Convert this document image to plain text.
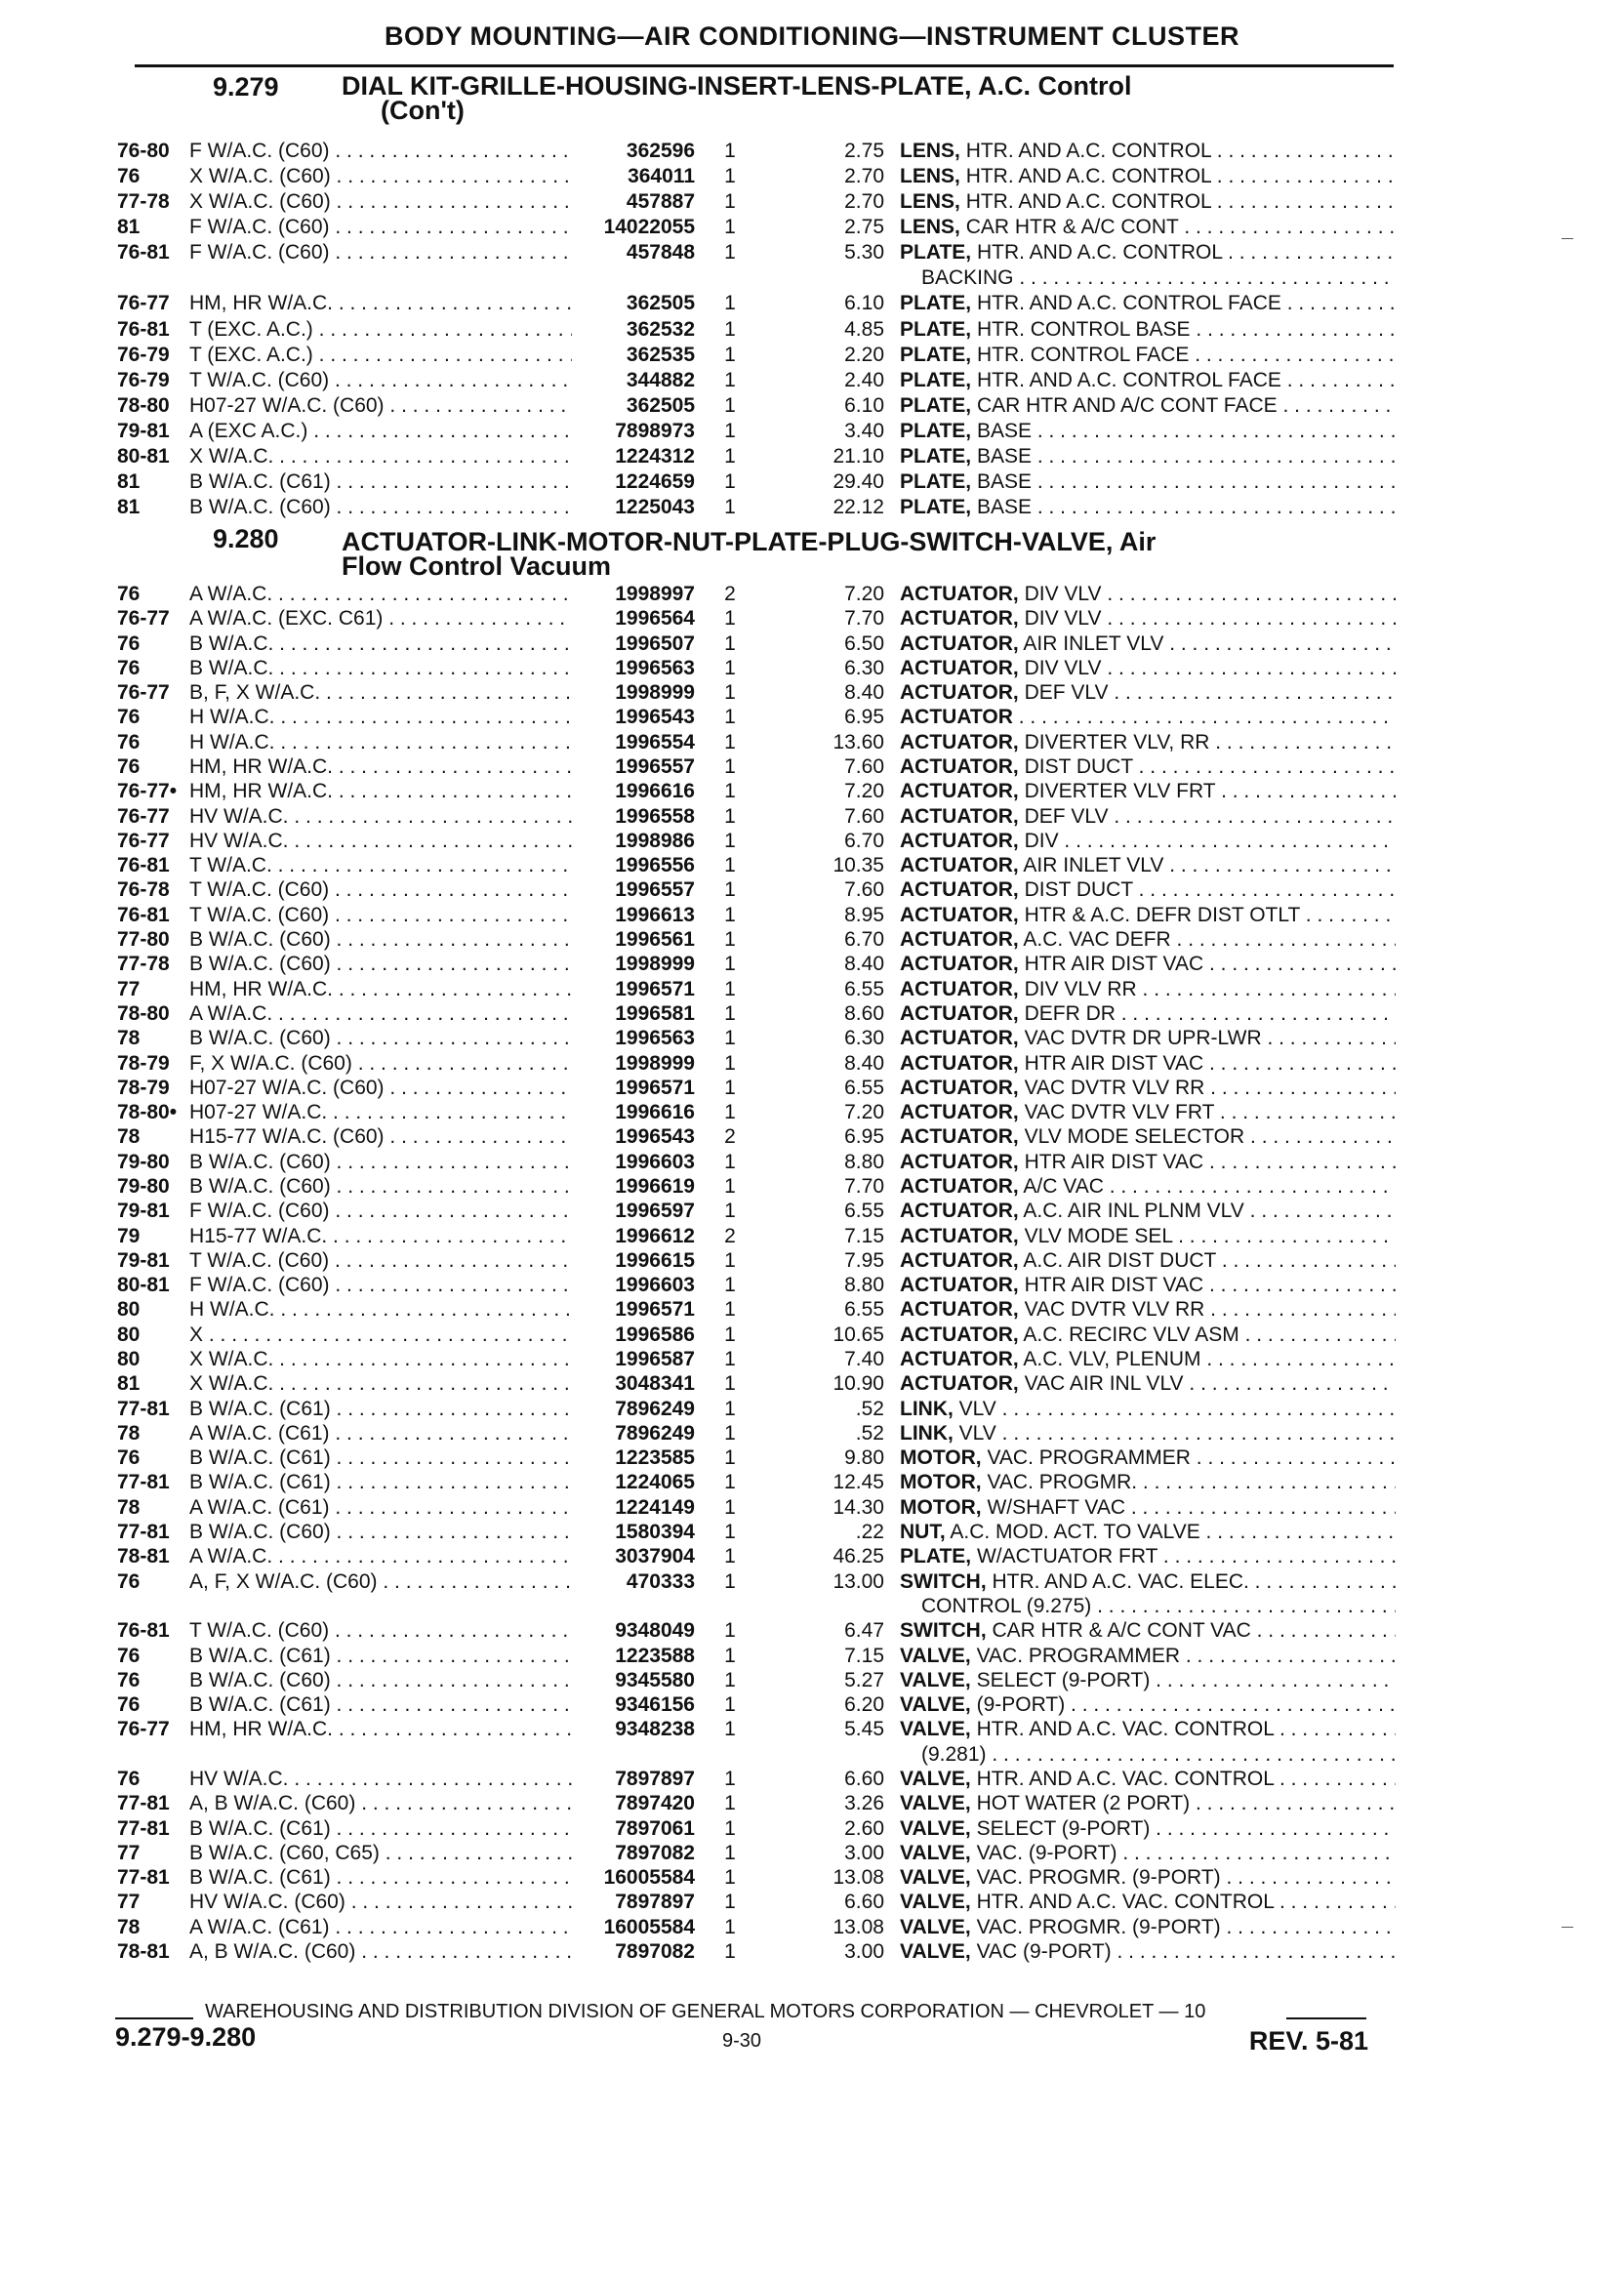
BODY MOUNTING—AIR CONDITIONING—INSTRUMENT CLUSTER
9.279 DIAL KIT-GRILLE-HOUSING-INSERT-LENS-PLATE, A.C. Control
(Con't)
9.280 ACTUATOR-LINK-MOTOR-NUT-PLATE-PLUG-SWITCH-VALVE, Air
Flow Control Vacuum
76-80 F W/A.C. (C60) . . .	362596 1	2.75 LENS, HTR. AND A.C. CONTROL . . .
76	X W/A.C. (C60) . . .	364011 1	2.70 LENS, HTR. AND A.C. CONTROL . . .
77-78 X W/A.C. (C60) . . .	457887 1	2.70 LENS, HTR. AND A.C. CONTROL . . .
81	F W/A.C. (C60) . . .	14022055 1	2.75 LENS, CAR HTR & A/C CONT . . .
76-81 F W/A.C. (C60) . . .	457848 1	5.30 PLATE, HTR. AND A.C. CONTROL . . .
BACKING . . .
76-77 HM, HR W/A.C. . . .	362505 1	6.10 PLATE, HTR. AND A.C. CONTROL FACE . . .
76-81 T (EXC. A.C.) . . .	362532 1	4.85 PLATE, HTR. CONTROL BASE . . .
76-79 T (EXC. A.C.) . . .	362535 1	2.20 PLATE, HTR. CONTROL FACE . . .
76-79 T W/A.C. (C60) . . .	344882 1	2.40 PLATE, HTR. AND A.C. CONTROL FACE . . .
78-80 H07-27 W/A.C. (C60) . . .	362505 1	6.10 PLATE, CAR HTR AND A/C CONT FACE . . .
79-81 A (EXC A.C.) . . .	7898973 1	3.40 PLATE, BASE . . .
80-81 X W/A.C. . . .	1224312 1	21.10 PLATE, BASE . . .
81	B W/A.C. (C61) . . .	1224659 1	29.40 PLATE, BASE . . .
81	B W/A.C. (C60) . . .	1225043 1	22.12 PLATE, BASE . . .
76	A W/A.C. . . .	1998997 2	7.20 ACTUATOR, DIV VLV . . .
76-77 A W/A.C. (EXC. C61) . . .	1996564 1	7.70 ACTUATOR, DIV VLV . . .
76	B W/A.C. . . .	1996507 1	6.50 ACTUATOR, AIR INLET VLV . . .
76	B W/A.C. . . .	1996563 1	6.30 ACTUATOR, DIV VLV . . .
76-77 B, F, X W/A.C. . . .	1998999 1	8.40 ACTUATOR, DEF VLV . . .
76	H W/A.C. . . .	1996543 1	6.95 ACTUATOR . . .
76	H W/A.C. . . .	1996554 1	13.60 ACTUATOR, DIVERTER VLV, RR . . .
76	HM, HR W/A.C. . . .	1996557 1	7.60 ACTUATOR, DIST DUCT . . .
76-77• HM, HR W/A.C. . . .	1996616 1	7.20 ACTUATOR, DIVERTER VLV FRT . . .
76-77 HV W/A.C. . . .	1996558 1	7.60 ACTUATOR, DEF VLV . . .
76-77 HV W/A.C. . . .	1998986 1	6.70 ACTUATOR, DIV . . .
76-81 T W/A.C. . . .	1996556 1	10.35 ACTUATOR, AIR INLET VLV . . .
76-78 T W/A.C. (C60) . . .	1996557 1	7.60 ACTUATOR, DIST DUCT . . .
76-81 T W/A.C. (C60) . . .	1996613 1	8.95 ACTUATOR, HTR & A.C. DEFR DIST OTLT . . .
77-80 B W/A.C. (C60) . . .	1996561 1	6.70 ACTUATOR, A.C. VAC DEFR . . .
77-78 B W/A.C. (C60) . . .	1998999 1	8.40 ACTUATOR, HTR AIR DIST VAC . . .
77	HM, HR W/A.C. . . .	1996571 1	6.55 ACTUATOR, DIV VLV RR . . .
78-80 A W/A.C. . . .	1996581 1	8.60 ACTUATOR, DEFR DR . . .
78	B W/A.C. (C60) . . .	1996563 1	6.30 ACTUATOR, VAC DVTR DR UPR-LWR . . .
78-79 F, X W/A.C. (C60) . . .	1998999 1	8.40 ACTUATOR, HTR AIR DIST VAC . . .
78-79 H07-27 W/A.C. (C60) . . .	1996571 1	6.55 ACTUATOR, VAC DVTR VLV RR . . .
78-80• H07-27 W/A.C. . . .	1996616 1	7.20 ACTUATOR, VAC DVTR VLV FRT . . .
78	H15-77 W/A.C. (C60) . . .	1996543 2	6.95 ACTUATOR, VLV MODE SELECTOR . . .
79-80 B W/A.C. (C60) . . .	1996603 1	8.80 ACTUATOR, HTR AIR DIST VAC . . .
79-80 B W/A.C. (C60) . . .	1996619 1	7.70 ACTUATOR, A/C VAC . . .
79-81 F W/A.C. (C60) . . .	1996597 1	6.55 ACTUATOR, A.C. AIR INL PLNM VLV . . .
79	H15-77 W/A.C. . . .	1996612 2	7.15 ACTUATOR, VLV MODE SEL . . .
79-81 T W/A.C. (C60) . . .	1996615 1	7.95 ACTUATOR, A.C. AIR DIST DUCT . . .
80-81 F W/A.C. (C60) . . .	1996603 1	8.80 ACTUATOR, HTR AIR DIST VAC . . .
80	H W/A.C. . . .	1996571 1	6.55 ACTUATOR, VAC DVTR VLV RR . . .
80	X . . .	1996586 1	10.65 ACTUATOR, A.C. RECIRC VLV ASM . . .
80	X W/A.C. . . .	1996587 1	7.40 ACTUATOR, A.C. VLV, PLENUM . . .
81	X W/A.C. . . .	3048341 1	10.90 ACTUATOR, VAC AIR INL VLV . . .
77-81 B W/A.C. (C61) . . .	7896249 1	.52 LINK, VLV . . .
78	A W/A.C. (C61) . . .	7896249 1	.52 LINK, VLV . . .
76	B W/A.C. (C61) . . .	1223585 1	9.80 MOTOR, VAC. PROGRAMMER . . .
77-81 B W/A.C. (C61) . . .	1224065 1	12.45 MOTOR, VAC. PROGMR. . . .
78	A W/A.C. (C61) . . .	1224149 1	14.30 MOTOR, W/SHAFT VAC . . .
77-81 B W/A.C. (C60) . . .	1580394 1	.22 NUT, A.C. MOD. ACT. TO VALVE . . .
78-81 A W/A.C. . . .	3037904 1	46.25 PLATE, W/ACTUATOR FRT . . .
76	A, F, X W/A.C. (C60) . . .	470333 1	13.00 SWITCH, HTR. AND A.C. VAC. ELEC. . . .
CONTROL (9.275) . . .
76-81 T W/A.C. (C60) . . .	9348049 1	6.47 SWITCH, CAR HTR & A/C CONT VAC . . .
76	B W/A.C. (C61) . . .	1223588 1	7.15 VALVE, VAC. PROGRAMMER . . .
76	B W/A.C. (C60) . . .	9345580 1	5.27 VALVE, SELECT (9-PORT) . . .
76	B W/A.C. (C61) . . .	9346156 1	6.20 VALVE, (9-PORT) . . .
76-77 HM, HR W/A.C. . . .	9348238 1	5.45 VALVE, HTR. AND A.C. VAC. CONTROL . . .
(9.281) . . .
76	HV W/A.C. . . .	7897897 1	6.60 VALVE, HTR. AND A.C. VAC. CONTROL . . .
77-81 A, B W/A.C. (C60) . . .	7897420 1	3.26 VALVE, HOT WATER (2 PORT) . . .
77-81 B W/A.C. (C61) . . .	7897061 1	2.60 VALVE, SELECT (9-PORT) . . .
77	B W/A.C. (C60, C65) . . .	7897082 1	3.00 VALVE, VAC. (9-PORT) . . .
77-81 B W/A.C. (C61) . . .	16005584 1	13.08 VALVE, VAC. PROGMR. (9-PORT) . . .
77	HV W/A.C. (C60) . . .	7897897 1	6.60 VALVE, HTR. AND A.C. VAC. CONTROL . . .
78	A W/A.C. (C61) . . .	16005584 1	13.08 VALVE, VAC. PROGMR. (9-PORT) . . .
78-81 A, B W/A.C. (C60) . . .	7897082 1	3.00 VALVE, VAC (9-PORT) . . .
WAREHOUSING AND DISTRIBUTION DIVISION OF GENERAL MOTORS CORPORATION — CHEVROLET — 10
9.279-9.280	9-30	REV. 5-81
